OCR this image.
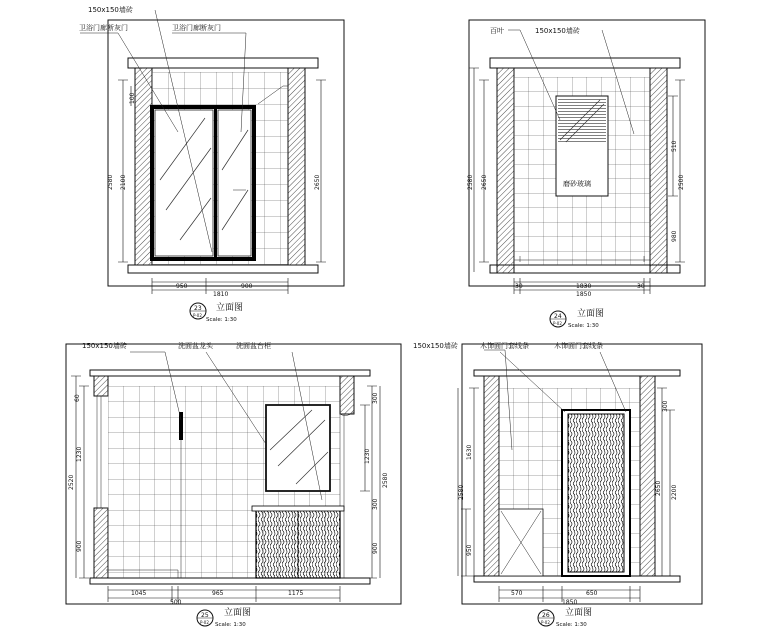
150x150墙砖
卫浴门廊断灰门	卫浴门廊断灰门
950	900
1810
100
2100
2580	2650
23
P-02
立面图
Scale: 1:30
磨砂玻璃
百叶	150x150墙砖
30	1830	30
1850
2580 2650
510
2500
980
24
P-02
立面图
Scale: 1:30
150x150墙砖	洗面盆龙头	洗面盆台柜
1045	965	1175
500
60
1230
2520
900
300
1230
2580
300
900
25
P-02
立面图
Scale: 1:30
150x150墙砖	木饰面门套线条	木饰面门套线条
570	650
1850
1630
2580
950
300
2650 2200
26
P-02
立面图
Scale: 1:30
